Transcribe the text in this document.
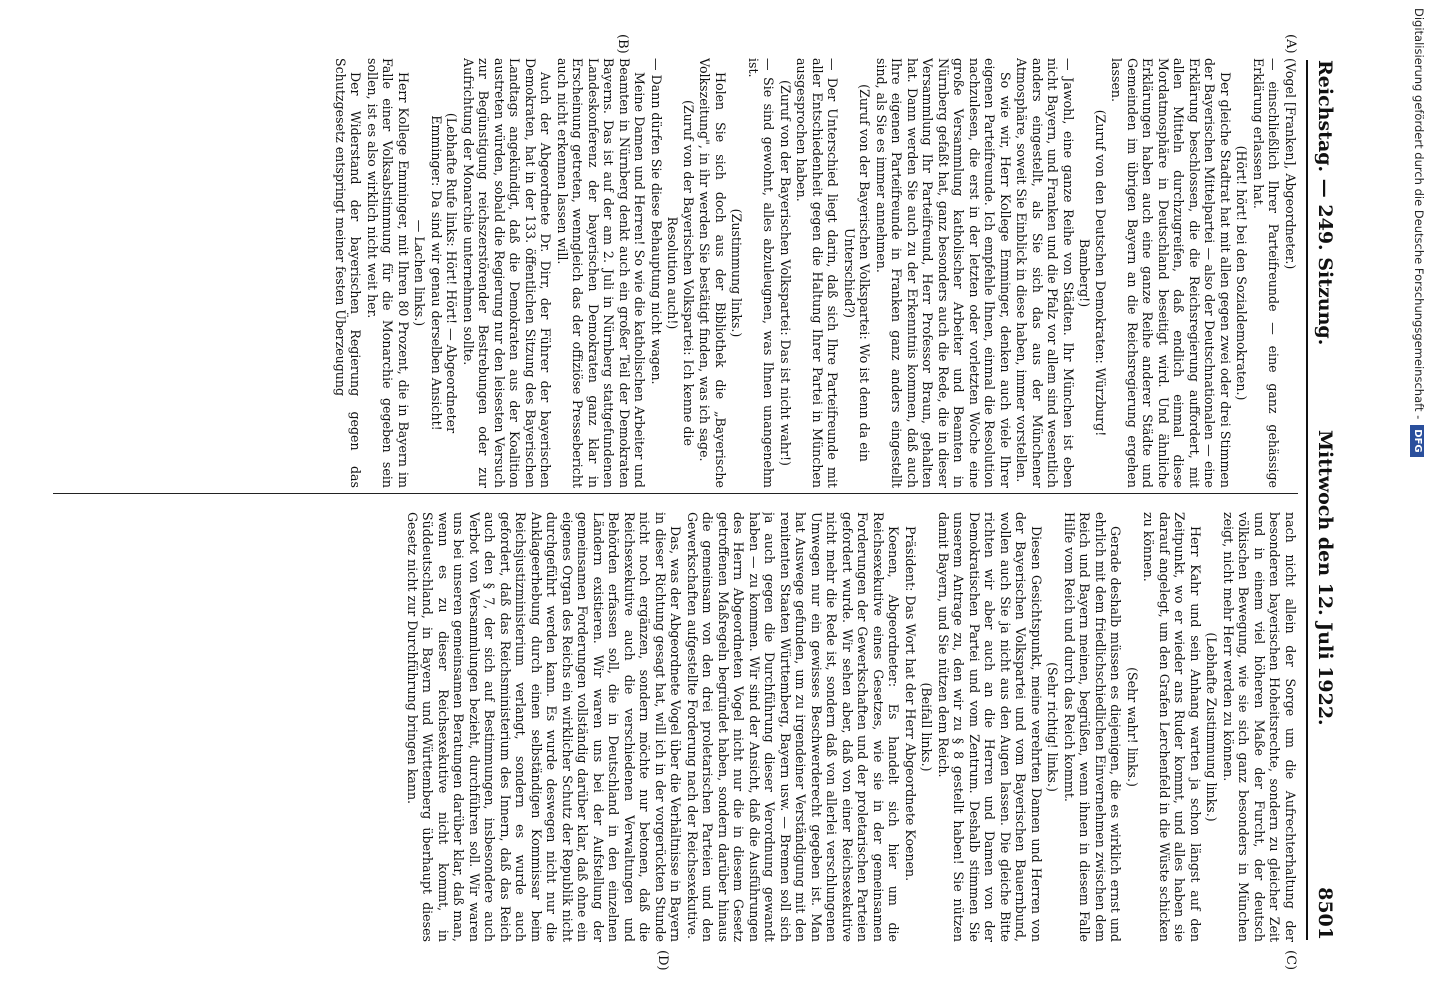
Reichstag. — 249. Sitzung.
Mittwoch den 12. Juli 1922.
8501
(A)
(B)
(C)
(D)

(Vogel [Franken], Abgeordneter.)

— einschließlich Ihrer Parteifreunde — eine ganz gehässige Erklärung erlassen hat.

(Hört! hört! bei den Sozialdemokraten.)

Der gleiche Stadtrat hat mit allen gegen zwei oder drei Stimmen der Bayerischen Mittelpartei — also der Deutschnationalen — eine Erklärung beschlossen, die die Reichsregierung auffordert, mit allen Mitteln durchzugreifen, daß endlich einmal diese Mordatmosphäre in Deutschland beseitigt wird. Und ähnliche Erklärungen haben auch eine ganze Reihe anderer Städte und Gemeinden im übrigen Bayern an die Reichsregierung ergehen lassen.

(Zuruf von den Deutschen Demokraten: Würzburg! Bamberg!)

— Jawohl, eine ganze Reihe von Städten. Ihr München ist eben nicht Bayern, und Franken und die Pfalz vor allem sind wesentlich anders eingestellt, als Sie sich das aus der Münchener Atmosphäre, soweit Sie Einblick in diese haben, immer vorstellen.

So wie wir, Herr Kollege Emminger, denken auch viele Ihrer eigenen Parteifreunde. Ich empfehle Ihnen, einmal die Resolution nachzulesen, die erst in der letzten oder vorletzten Woche eine große Versammlung katholischer Arbeiter und Beamten in Nürnberg gefaßt hat, ganz besonders auch die Rede, die in dieser Versammlung Ihr Parteifreund, Herr Professor Braun, gehalten hat. Dann werden Sie auch zu der Erkenntnis kommen, daß auch Ihre eigenen Parteifreunde in Franken ganz anders eingestellt sind, als Sie es immer annehmen.

(Zuruf von der Bayerischen Volkspartei: Wo ist denn da ein Unterschied?)

— Der Unterschied liegt darin, daß sich Ihre Parteifreunde mit aller Entschiedenheit gegen die Haltung Ihrer Partei in München ausgesprochen haben.

(Zuruf von der Bayerischen Volkspartei: Das ist nicht wahr!)

— Sie sind gewohnt, alles abzuleugnen, was Ihnen unangenehm ist.

(Zustimmung links.)

Holen Sie sich doch aus der Bibliothek die „Bayerische Volkszeitung", in ihr werden Sie bestätigt finden, was ich sage.

(Zuruf von der Bayerischen Volkspartei: Ich kenne die Resolution auch!)

— Dann dürfen Sie diese Behauptung nicht wagen.

Meine Damen und Herren! So wie die katholischen Arbeiter und Beamten in Nürnberg denkt auch ein großer Teil der Demokraten Bayerns. Das ist auf der am 2. Juli in Nürnberg stattgefundenen Landeskonferenz der bayerischen Demokraten ganz klar in Erscheinung getreten, wenngleich das der offiziöse Pressebericht auch nicht erkennen lassen will.

Auch der Abgeordnete Dr. Dirr, der Führer der bayerischen Demokraten, hat in der 133. öffentlichen Sitzung des Bayerischen Landtags angekündigt, daß die Demokraten aus der Koalition austreten würden, sobald die Regierung nur den leisesten Versuch zur Begünstigung reichszerstörender Bestrebungen oder zur Aufrichtung der Monarchie unternehmen sollte.

(Lebhafte Rufe links: Hört! Hört! — Abgeordneter Emminger: Da sind wir genau derselben Ansicht!

— Lachen links.)

Herr Kollege Emminger, mit Ihren 80 Prozent, die in Bayern im Falle einer Volksabstimmung für die Monarchie gegeben sein sollen, ist es also wirklich nicht weit her.

Der Widerstand der bayerischen Regierung gegen das Schutzgesetz entspringt meiner festen Überzeugung

nach nicht allein der Sorge um die Aufrechterhaltung der besonderen bayerischen Hoheitsrechte, sondern zu gleicher Zeit und in einem viel höheren Maße der Furcht, der deutsch völkischen Bewegung, wie sie sich ganz besonders in München zeigt, nicht mehr Herr werden zu können.

(Lebhafte Zustimmung links.)

Herr Kahr und sein Anhang warten ja schon längst auf den Zeitpunkt, wo er wieder ans Ruder kommt, und alles haben sie darauf angelegt, um den Grafen Lerchenfeld in die Wüste schicken zu können.

(Sehr wahr! links.)

Gerade deshalb müssen es diejenigen, die es wirklich ernst und ehrlich mit dem friedlichschiedlichen Einvernehmen zwischen dem Reich und Bayern meinen, begrüßen, wenn ihnen in diesem Falle Hilfe vom Reich und durch das Reich kommt.

(Sehr richtig! links.)

Diesen Gesichtspunkt, meine verehrten Damen und Herren von der Bayerischen Volkspartei und vom Bayerischen Bauernbund, wollen auch Sie ja nicht aus den Augen lassen. Die gleiche Bitte richten wir aber auch an die Herren und Damen von der Demokratischen Partei und vom Zentrum. Deshalb stimmen Sie unserem Antrage zu, den wir zu § 8 gestellt haben! Sie nützen damit Bayern, und Sie nützen dem Reich.

(Beifall links.)

Präsident: Das Wort hat der Herr Abgeordnete Koenen.

Koenen, Abgeordneter: Es handelt sich hier um die Reichsexekutive eines Gesetzes, wie sie in der gemeinsamen Forderungen der Gewerkschaften und der proletarischen Parteien gefordert wurde. Wir sehen aber, daß von einer Reichsexekutive nicht mehr die Rede ist, sondern daß von allerlei verschlungenen Umwegen nur ein gewisses Beschwerderecht gegeben ist. Man hat Auswege gefunden, um zu irgendeiner Verständigung mit den renitenten Staaten Württemberg, Bayern usw. — Bremen soll sich ja auch gegen die Durchführung dieser Verordnung gewandt haben — zu kommen. Wir sind der Ansicht, daß die Ausführungen des Herrn Abgeordneten Vogel nicht nur die in diesem Gesetz getroffenen Maßregeln begründet haben, sondern darüber hinaus die gemeinsam von den drei proletarischen Parteien und den Gewerkschaften aufgestellte Forderung nach der Reichsexekutive.

Das, was der Abgeordnete Vogel über die Verhältnisse in Bayern in dieser Richtung gesagt hat, will ich in der vorgerückten Stunde nicht noch ergänzen, sondern möchte nur betonen, daß die Reichsexekutive auch die verschiedenen Verwaltungen und Behörden erfassen soll, die in Deutschland in den einzelnen Ländern existieren. Wir waren uns bei der Aufstellung der gemeinsamen Forderungen vollständig darüber klar, daß ohne ein eigenes Organ des Reichs ein wirklicher Schutz der Republik nicht durchgeführt werden kann. Es wurde deswegen nicht nur die Anklageerhebung durch einen selbständigen Kommissar beim Reichsjustizministerium verlangt, sondern es wurde auch gefordert, daß das Reichsministerium des Innern, daß das Reich auch den § 7, der sich auf Bestimmungen, insbesondere auch Verbot von Versammlungen bezieht, durchführen soll. Wir waren uns bei unseren gemeinsamen Beratungen darüber klar, daß man, wenn es zu dieser Reichsexekutive nicht kommt, in Süddeutschland, in Bayern und Württemberg überhaupt dieses Gesetz nicht zur Durchführung bringen kann.

Digitalisierung gefördert durch die Deutsche Forschungsgemeinschaft -DFG
